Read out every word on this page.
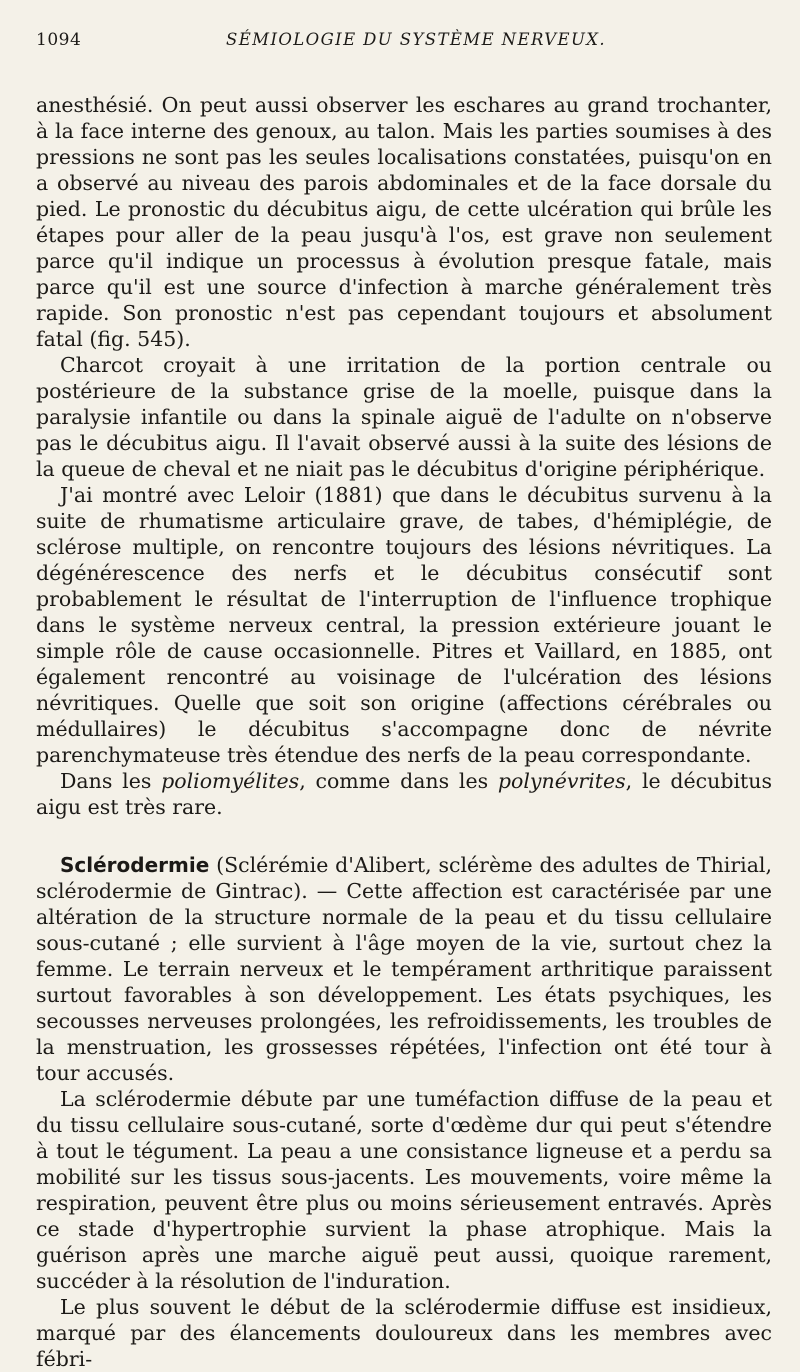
1094	SÉMIOLOGIE DU SYSTÈME NERVEUX.

anesthésié. On peut aussi observer les eschares au grand trochanter, à la face interne des genoux, au talon. Mais les parties soumises à des pressions ne sont pas les seules localisations constatées, puisqu'on en a observé au niveau des parois abdominales et de la face dorsale du pied. Le pronostic du décubitus aigu, de cette ulcération qui brûle les étapes pour aller de la peau jusqu'à l'os, est grave non seulement parce qu'il indique un processus à évolution presque fatale, mais parce qu'il est une source d'infection à marche généralement très rapide. Son pronostic n'est pas cependant toujours et absolument fatal (fig. 545).

Charcot croyait à une irritation de la portion centrale ou postérieure de la substance grise de la moelle, puisque dans la paralysie infantile ou dans la spinale aiguë de l'adulte on n'observe pas le décubitus aigu. Il l'avait observé aussi à la suite des lésions de la queue de cheval et ne niait pas le décubitus d'origine périphérique.

J'ai montré avec Leloir (1881) que dans le décubitus survenu à la suite de rhumatisme articulaire grave, de tabes, d'hémiplégie, de sclérose multiple, on rencontre toujours des lésions névritiques. La dégénérescence des nerfs et le décubitus consécutif sont probablement le résultat de l'interruption de l'influence trophique dans le système nerveux central, la pression extérieure jouant le simple rôle de cause occasionnelle. Pitres et Vaillard, en 1885, ont également rencontré au voisinage de l'ulcération des lésions névritiques. Quelle que soit son origine (affections cérébrales ou médullaires) le décubitus s'accompagne donc de névrite parenchymateuse très étendue des nerfs de la peau correspondante.

Dans les poliomyélites, comme dans les polynévrites, le décubitus aigu est très rare.

Sclérodermie (Sclérémie d'Alibert, sclérème des adultes de Thirial, sclérodermie de Gintrac). — Cette affection est caractérisée par une altération de la structure normale de la peau et du tissu cellulaire sous-cutané ; elle survient à l'âge moyen de la vie, surtout chez la femme. Le terrain nerveux et le tempérament arthritique paraissent surtout favorables à son développement. Les états psychiques, les secousses nerveuses prolongées, les refroidissements, les troubles de la menstruation, les grossesses répétées, l'infection ont été tour à tour accusés.

La sclérodermie débute par une tuméfaction diffuse de la peau et du tissu cellulaire sous-cutané, sorte d'œdème dur qui peut s'étendre à tout le tégument. La peau a une consistance ligneuse et a perdu sa mobilité sur les tissus sous-jacents. Les mouvements, voire même la respiration, peuvent être plus ou moins sérieusement entravés. Après ce stade d'hypertrophie survient la phase atrophique. Mais la guérison après une marche aiguë peut aussi, quoique rarement, succéder à la résolution de l'induration.

Le plus souvent le début de la sclérodermie diffuse est insidieux, marqué par des élancements douloureux dans les membres avec fébri-
